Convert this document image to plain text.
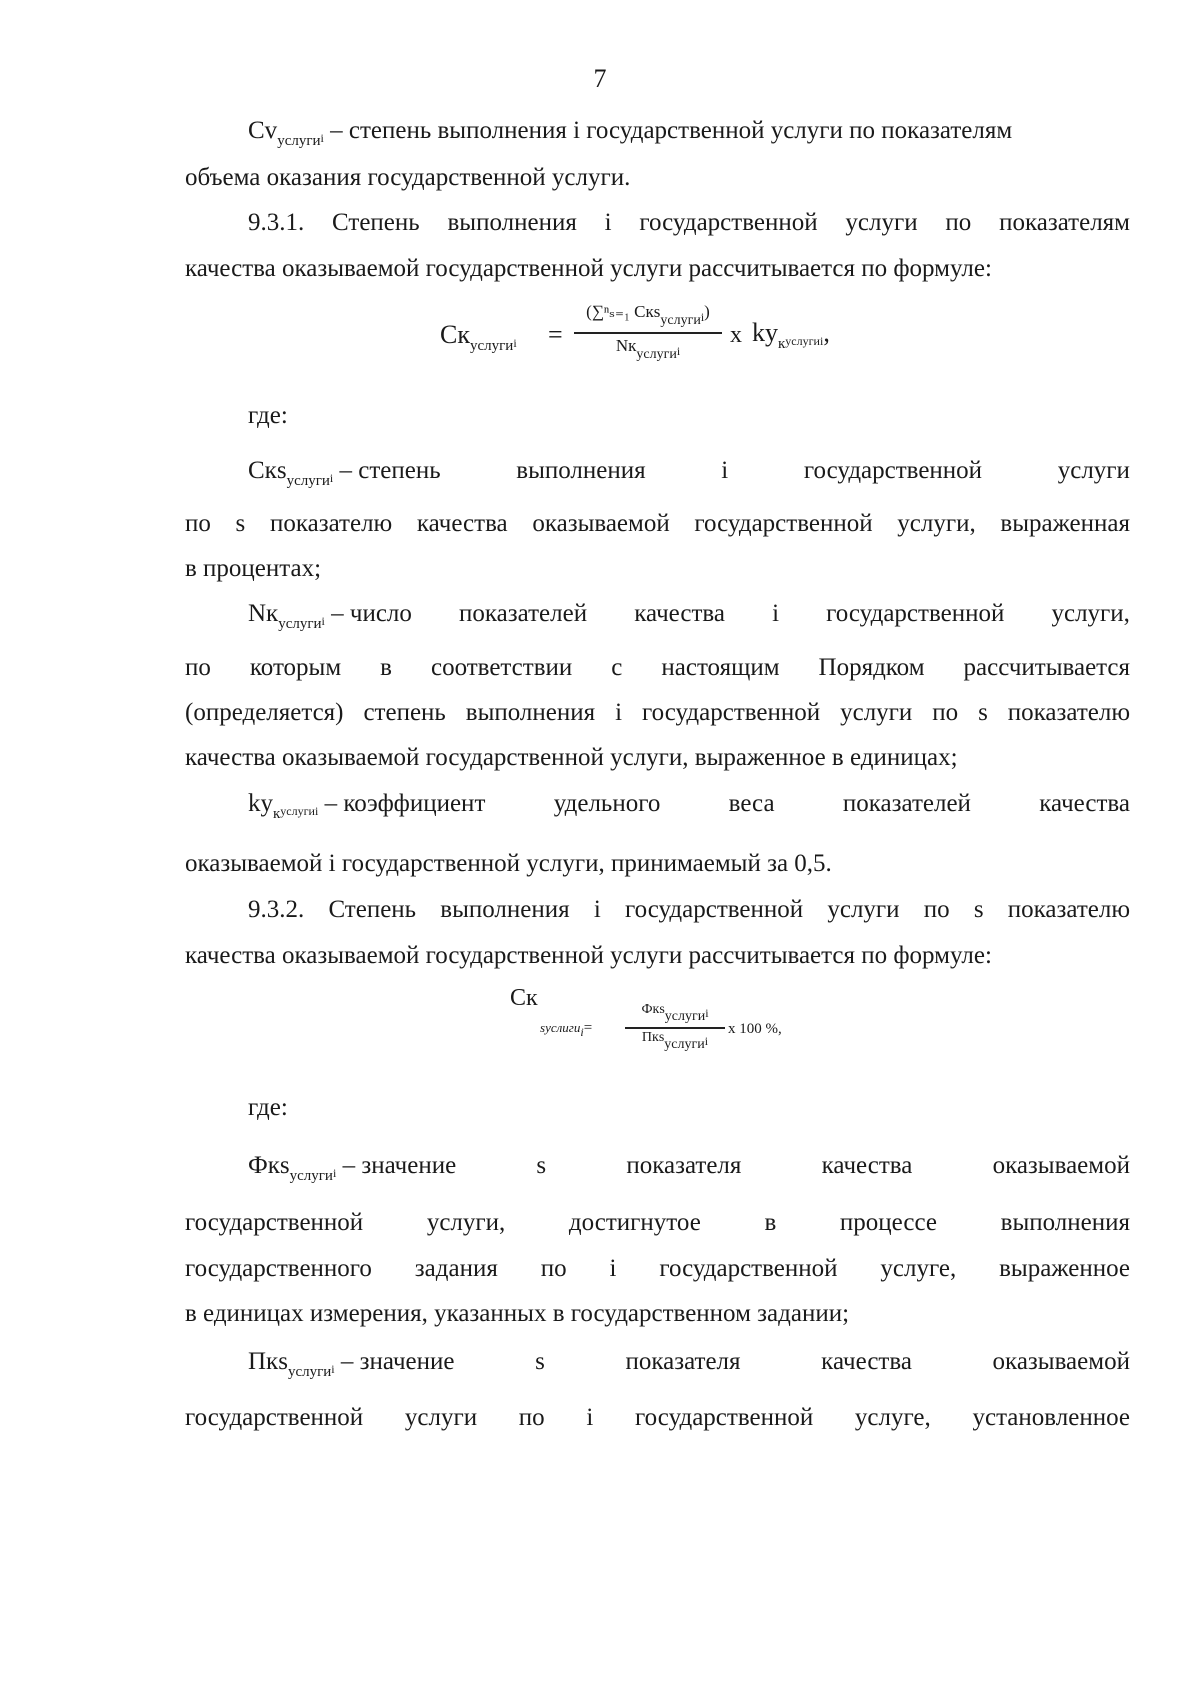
7
$Cv_{услуги}i$ – степень выполнения i государственной услуги по показателям
объема оказания государственной услуги.
9.3.1. Степень выполнения i государственной услуги по показателям
качества оказываемой государственной услуги рассчитывается по формуле:
$Ск_{услуги}i$ =
(∑ⁿₛ₌₁ Скs$_{услугиi}$)
$Nк_{услугиi}$
x $kу_куслугиi$,
где:
Скs$_{услуги}$i – степень	выполнения	i	государственной	услуги
по s показателю качества оказываемой государственной услуги, выраженная
в процентах;
$Nк_{услуги}i$ – число показателей качества i государственной услуги,
по которым в соответствии с настоящим Порядком рассчитывается
(определяется) степень выполнения i государственной услуги по s показателю
качества оказываемой государственной услуги, выраженное в единицах;
$kу_куслугиi$ – коэффициент	удельного	веса	показателей	качества
оказываемой i государственной услуги, принимаемый за 0,5.
9.3.2. Степень выполнения i государственной услуги по s показателю
качества оказываемой государственной услуги рассчитывается по формуле:
Ск
sуслигиi=
Фкsуслугиi
Пкsуслугиi
x 100 %,
где:
Фкs$_{услуги}$i – значение	s	показателя	качества	оказываемой
государственной услуги, достигнутое в процессе выполнения
государственного задания по i государственной услуге, выраженное
в единицах измерения, указанных в государственном задании;
Пкs$_{услуги}$i – значение	s	показателя	качества	оказываемой
государственной услуги по i государственной услуге, установленное
